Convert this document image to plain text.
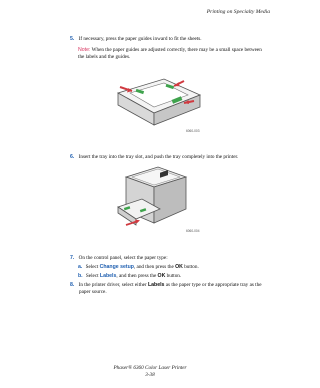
Printing on Specialty Media
5. If necessary, press the paper guides inward to fit the sheets.
Note: When the paper guides are adjusted correctly, there may be a small space between
the labels and the guides.
6060-003
6. Insert the tray into the tray slot, and push the tray completely into the printer.
6060-004
7. On the control panel, select the paper type:
a. Select Change setup, and then press the OK button.
b. Select Labels, and then press the OK button.
8. In the printer driver, select either Labels as the paper type or the appropriate tray as the
paper source.
Phaser® 6360 Color Laser Printer
3-38
